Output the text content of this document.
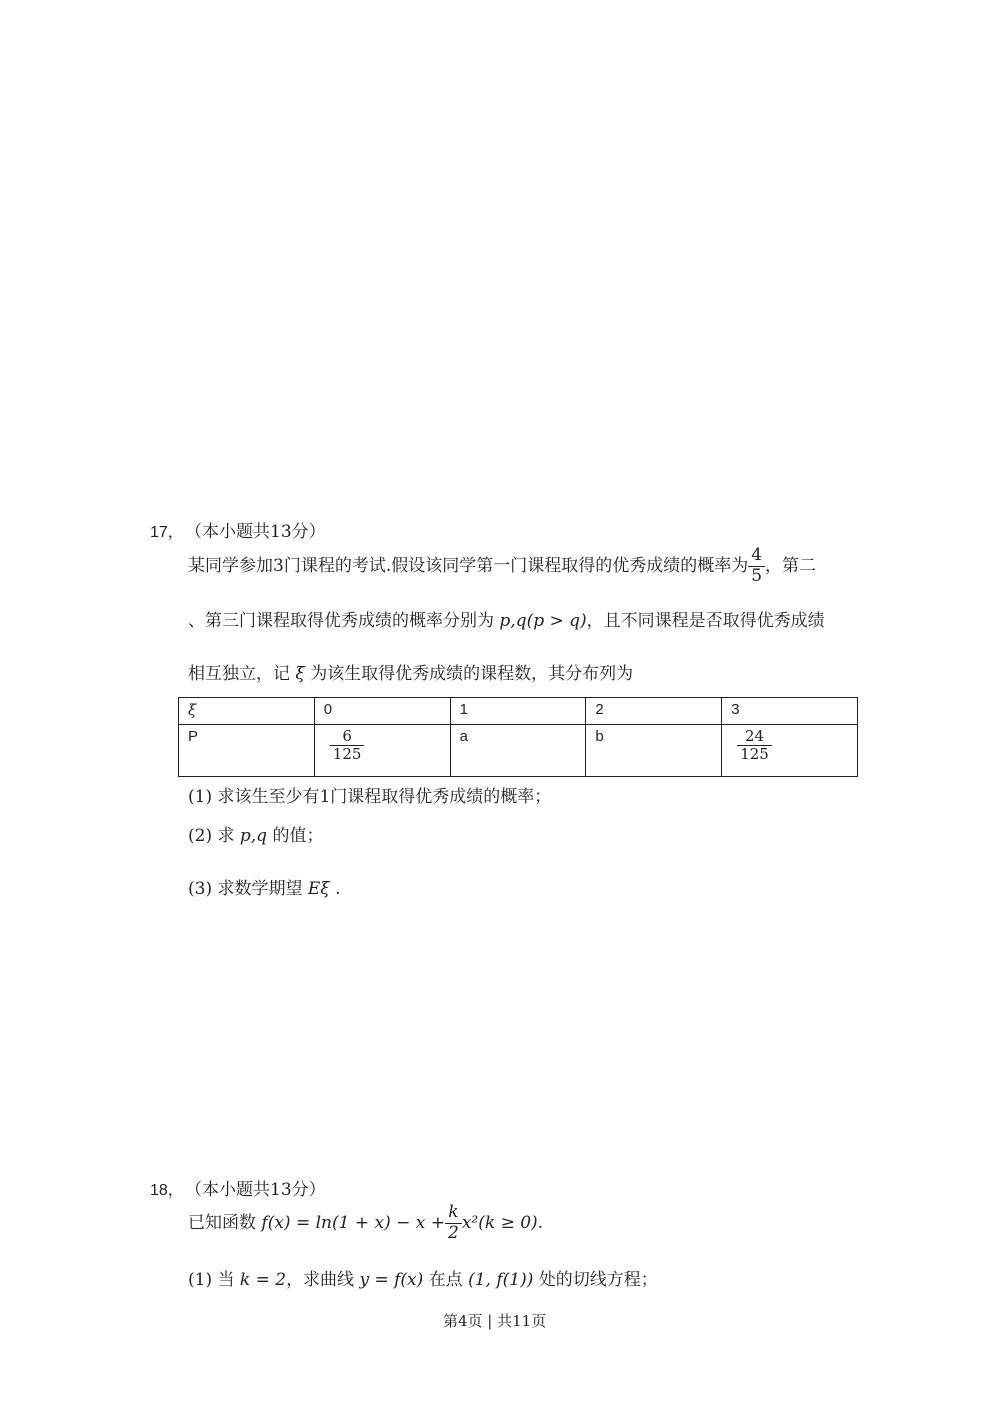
17， （本小题共13分）
某同学参加3门课程的考试.假设该同学第一门课程取得的优秀成绩的概率为 $\frac{4}{5}$ ，第二
、第三门课程取得优秀成绩的概率分别为 p,q(p > q)，且不同课程是否取得优秀成绩
相互独立，记 ξ 为该生取得优秀成绩的课程数，其分布列为
ξ	0	1	2	3
P	$\frac{6}{125}$	a	b	$\frac{24}{125}$
(1) 求该生至少有1门课程取得优秀成绩的概率；
(2) 求 p,q 的值；
(3) 求数学期望 Eξ .
18， （本小题共13分）
已知函数 $f(x) = \ln(1 + x) - x + \frac{k}{2} x^2(k \ge 0)$.
(1) 当 k = 2，求曲线 y = f(x) 在点 (1, f(1)) 处的切线方程；
第4页 | 共11页
